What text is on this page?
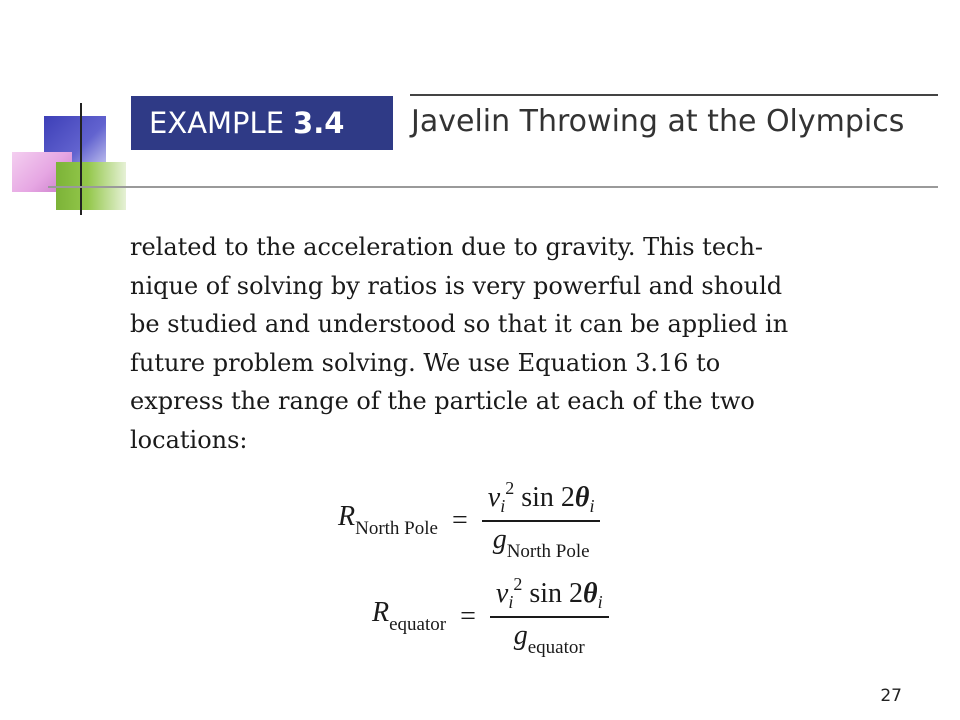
EXAMPLE 3.4 Javelin Throwing at the Olympics
related to the acceleration due to gravity. This tech-
nique of solving by ratios is very powerful and should
be studied and understood so that it can be applied in
future problem solving. We use Equation 3.16 to
express the range of the particle at each of the two
locations:
$R_{North Pole} = \frac{v_i^2 \sin 2\theta_i}{g_{North Pole}}$
$R_{equator} = \frac{v_i^2 \sin 2\theta_i}{g_{equator}}$
27
